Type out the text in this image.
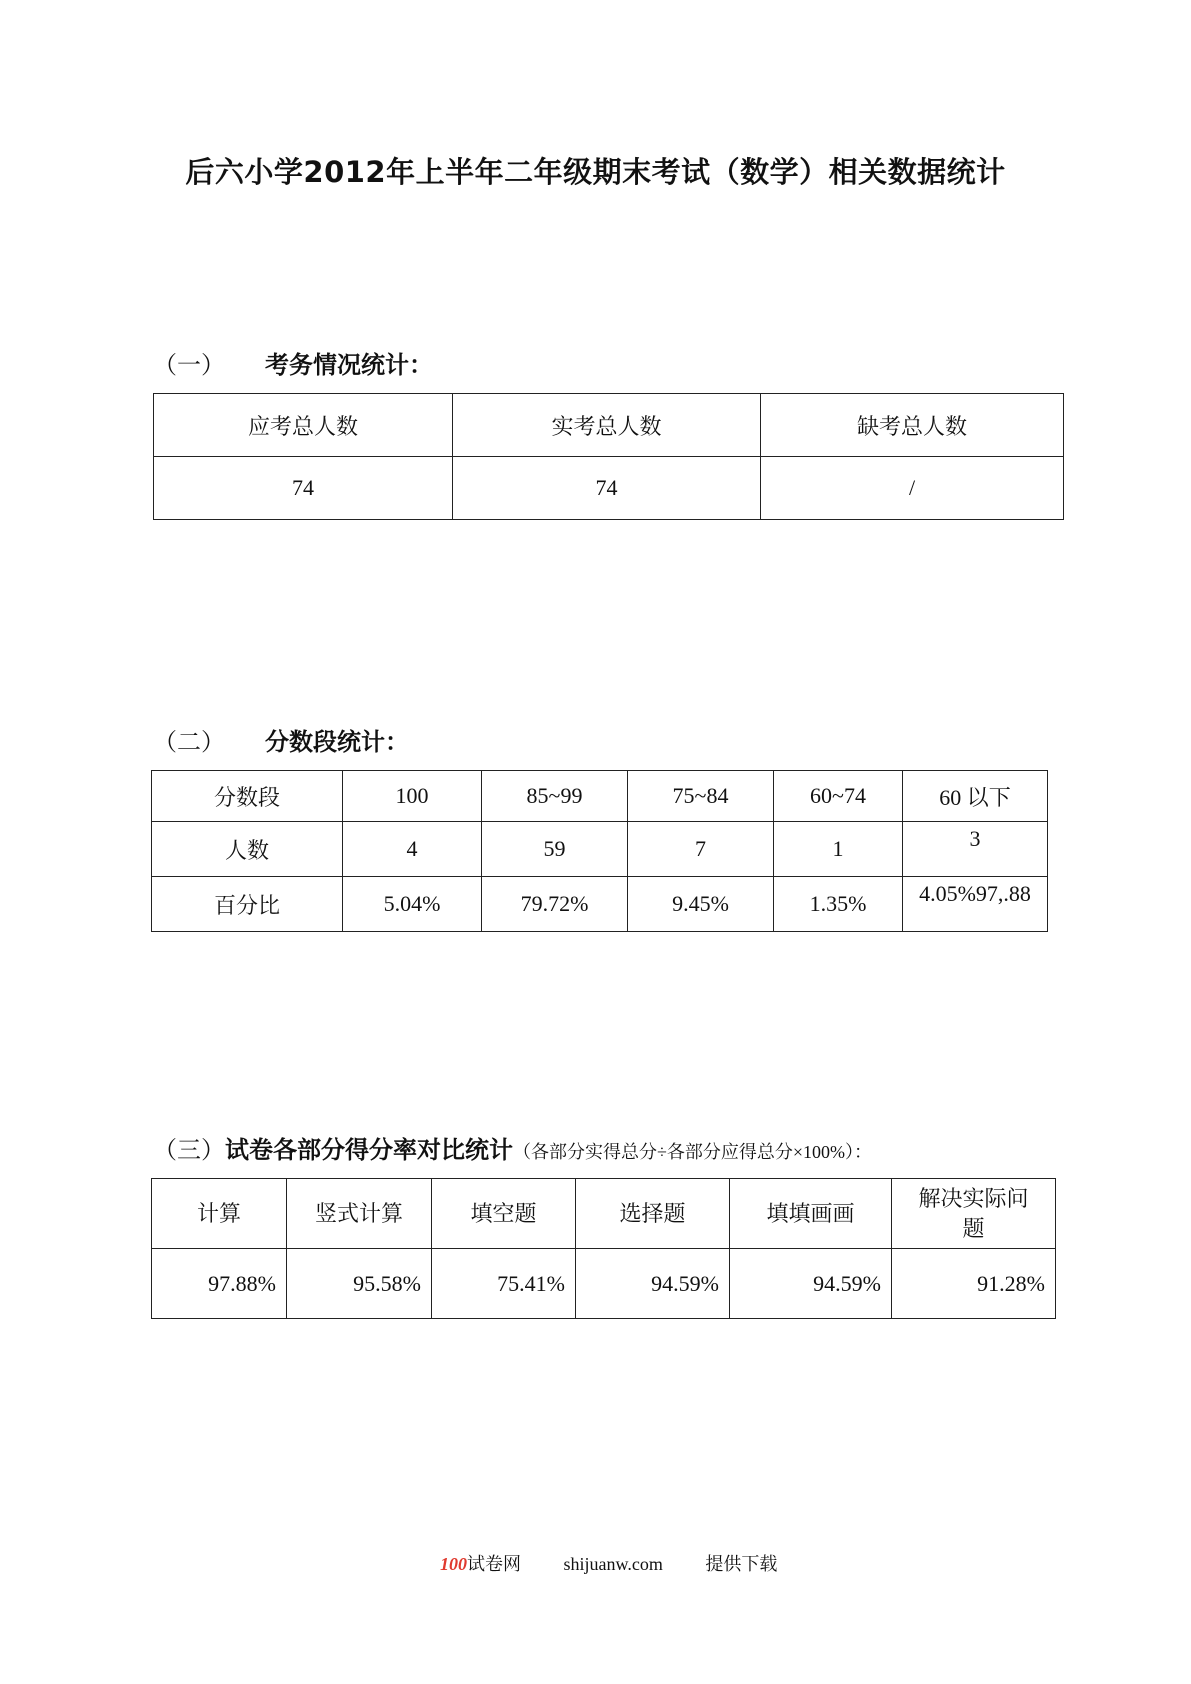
后六小学2012年上半年二年级期末考试（数学）相关数据统计
（一） 考务情况统计：
应考总人数	实考总人数	缺考总人数
74	74	/
（二） 分数段统计：
分数段	100	85~99	75~84	60~74	60 以下
人数	4	59	7	1	3
百分比	5.04%	79.72%	9.45%	1.35%	4.05%97,.88
（三）试卷各部分得分率对比统计（各部分实得总分÷各部分应得总分×100%）：
计算	竖式计算	填空题	选择题	填填画画	解决实际问题
97.88%	95.58%	75.41%	94.59%	94.59%	91.28%
100试卷网 shijuanw.com 提供下载
